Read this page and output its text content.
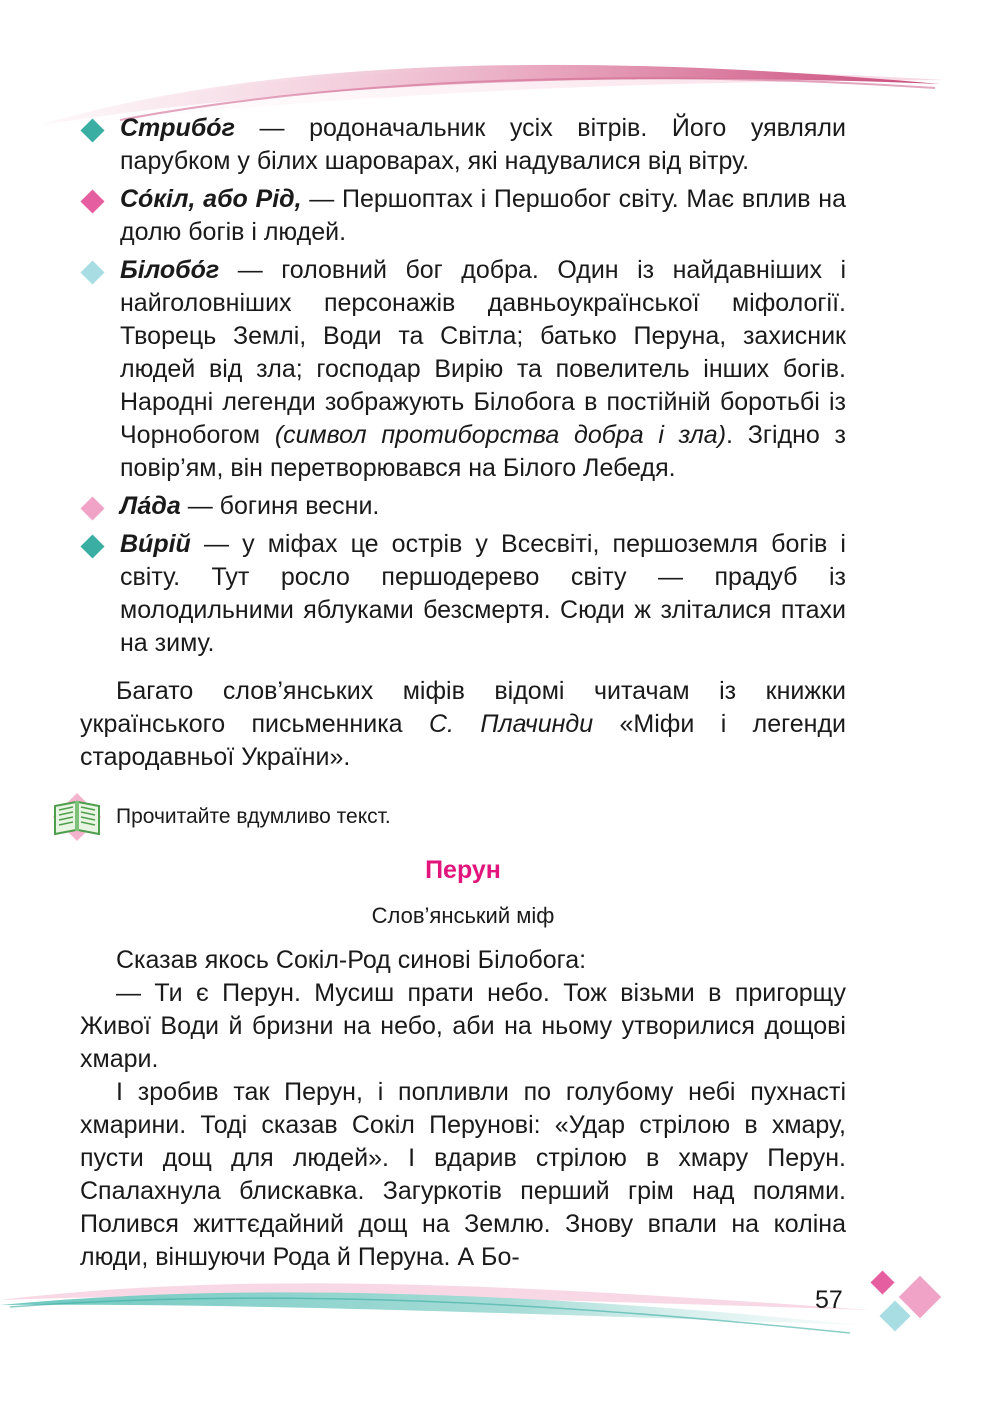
Стрибо́г — родоначальник усіх вітрів. Його уявляли парубком у білих шароварах, які надувалися від вітру.
Со́кіл, або Рід, — Першоптах і Першобог світу. Має вплив на долю богів і людей.
Білобо́г — головний бог добра. Один із найдавніших і найголовніших персонажів давньоукраїнської міфології. Творець Землі, Води та Світла; батько Перуна, захисник людей від зла; господар Вирію та повелитель інших богів. Народні легенди зображують Білобога в постійній боротьбі із Чорнобогом (символ протиборства добра і зла). Згідно з повір’ям, він перетворювався на Білого Лебедя.
Ла́да — богиня весни.
Ви́рій — у міфах це острів у Всесвіті, першоземля богів і світу. Тут росло першодерево світу — прадуб із молодильними яблуками безсмертя. Сюди ж зліталися птахи на зиму.

Багато слов’янських міфів відомі читачам із книжки українського письменника С. Плачинди «Міфи і легенди стародавньої України».

Прочитайте вдумливо текст.
Перун
Слов’янський міф

Сказав якось Сокіл-Род синові Білобога:

— Ти є Перун. Мусиш прати небо. Тож візьми в пригорщу Живої Води й бризни на небо, аби на ньому утворилися дощові хмари.

І зробив так Перун, і попливли по голубому небі пухнасті хмарини. Тоді сказав Сокіл Перунові: «Удар стрілою в хмару, пусти дощ для людей». І вдарив стрілою в хмару Перун. Спалахнула блискавка. Загуркотів перший грім над полями. Полився життєдайний дощ на Землю. Знову впали на коліна люди, віншуючи Рода й Перуна. А Бо-

57
